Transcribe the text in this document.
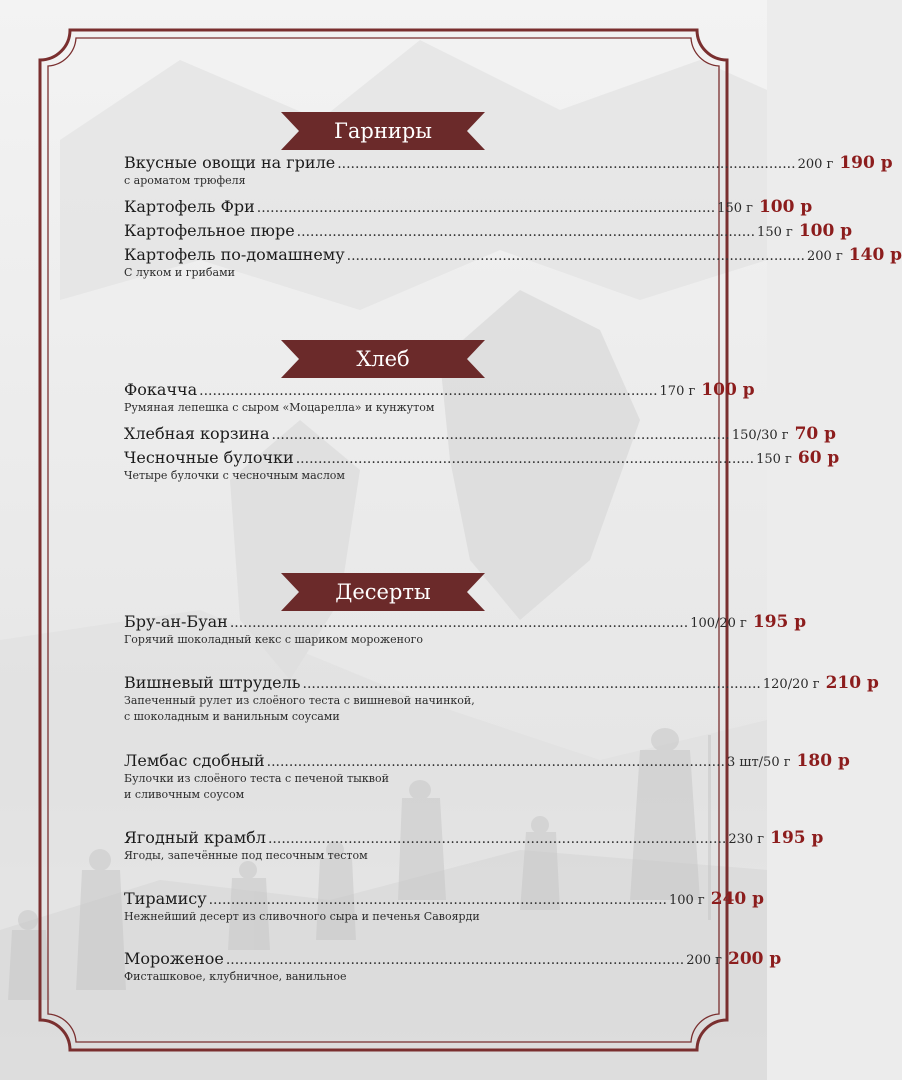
Гарниры
Вкусные овощи на гриле ....................................................................................................... 200 г 190 р
с ароматом трюфеля
Картофель Фри ....................................................................................................... 150 г 100 р
Картофельное пюре ....................................................................................................... 150 г 100 р
Картофель по-домашнему ....................................................................................................... 200 г 140 р
С луком и грибами
Хлеб
Фокачча ....................................................................................................... 170 г 100 р
Румяная лепешка с сыром «Моцарелла» и кунжутом
Хлебная корзина ....................................................................................................... 150/30 г 70 р
Чесночные булочки ....................................................................................................... 150 г 60 р
Четыре булочки с чесночным маслом
Десерты
Бру-ан-Буан ....................................................................................................... 100/20 г 195 р
Горячий шоколадный кекс с шариком мороженого
Вишневый штрудель ....................................................................................................... 120/20 г 210 р
Запеченный рулет из слоёного теста с вишневой начинкой,
с шоколадным и ванильным соусами
Лембас сдобный ....................................................................................................... 3 шт/50 г 180 р
Булочки из слоёного теста с печеной тыквой
и сливочным соусом
Ягодный крамбл ....................................................................................................... 230 г 195 р
Ягоды, запечённые под песочным тестом
Тирамису ....................................................................................................... 100 г 240 р
Нежнейший десерт из сливочного сыра и печенья Савоярди
Мороженое ....................................................................................................... 200 г 200 р
Фисташковое, клубничное, ванильное
